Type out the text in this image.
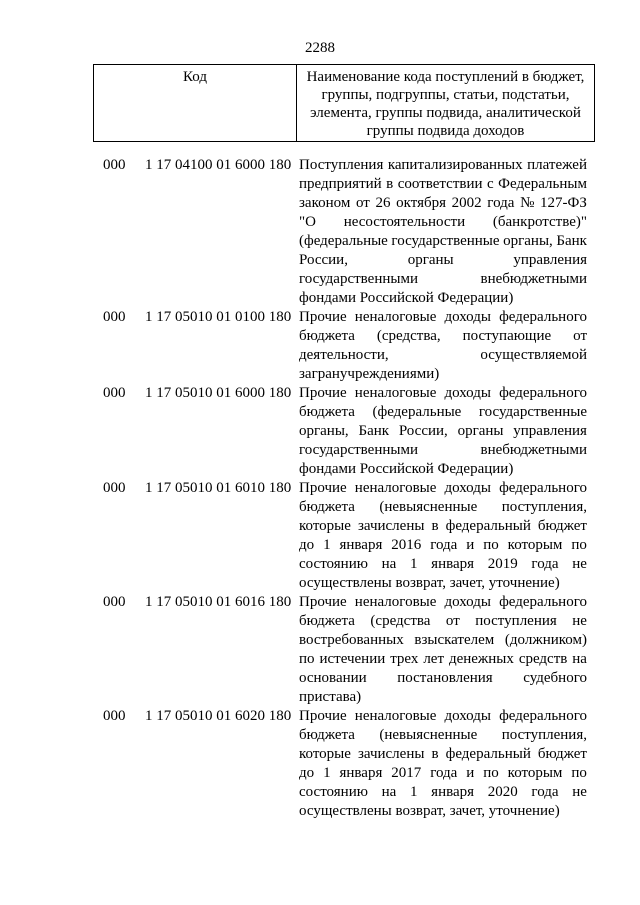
2288
Код	Наименование кода поступлений в бюджет,
группы, подгруппы, статьи, подстатьи,
элемента, группы подвида, аналитической
группы подвида доходов
000 1 17 04100 01 6000 180 Поступления капитализированных платежей
предприятий в соответствии с Федеральным
законом от 26 октября 2002 года № 127-ФЗ
"О несостоятельности (банкротстве)"
(федеральные государственные органы, Банк
России,	органы	управления
государственными	внебюджетными
фондами Российской Федерации)
000 1 17 05010 01 0100 180 Прочие неналоговые доходы федерального
бюджета (средства, поступающие от
деятельности,	осуществляемой
загранучреждениями)
000 1 17 05010 01 6000 180 Прочие неналоговые доходы федерального
бюджета (федеральные государственные
органы, Банк России, органы управления
государственными	внебюджетными
фондами Российской Федерации)
000 1 17 05010 01 6010 180 Прочие неналоговые доходы федерального
бюджета (невыясненные поступления,
которые зачислены в федеральный бюджет
до 1 января 2016 года и по которым по
состоянию на 1 января 2019 года не
осуществлены возврат, зачет, уточнение)
000 1 17 05010 01 6016 180 Прочие неналоговые доходы федерального
бюджета (средства от поступления не
востребованных взыскателем (должником)
по истечении трех лет денежных средств на
основании постановления судебного
пристава)
000 1 17 05010 01 6020 180 Прочие неналоговые доходы федерального
бюджета (невыясненные поступления,
которые зачислены в федеральный бюджет
до 1 января 2017 года и по которым по
состоянию на 1 января 2020 года не
осуществлены возврат, зачет, уточнение)
